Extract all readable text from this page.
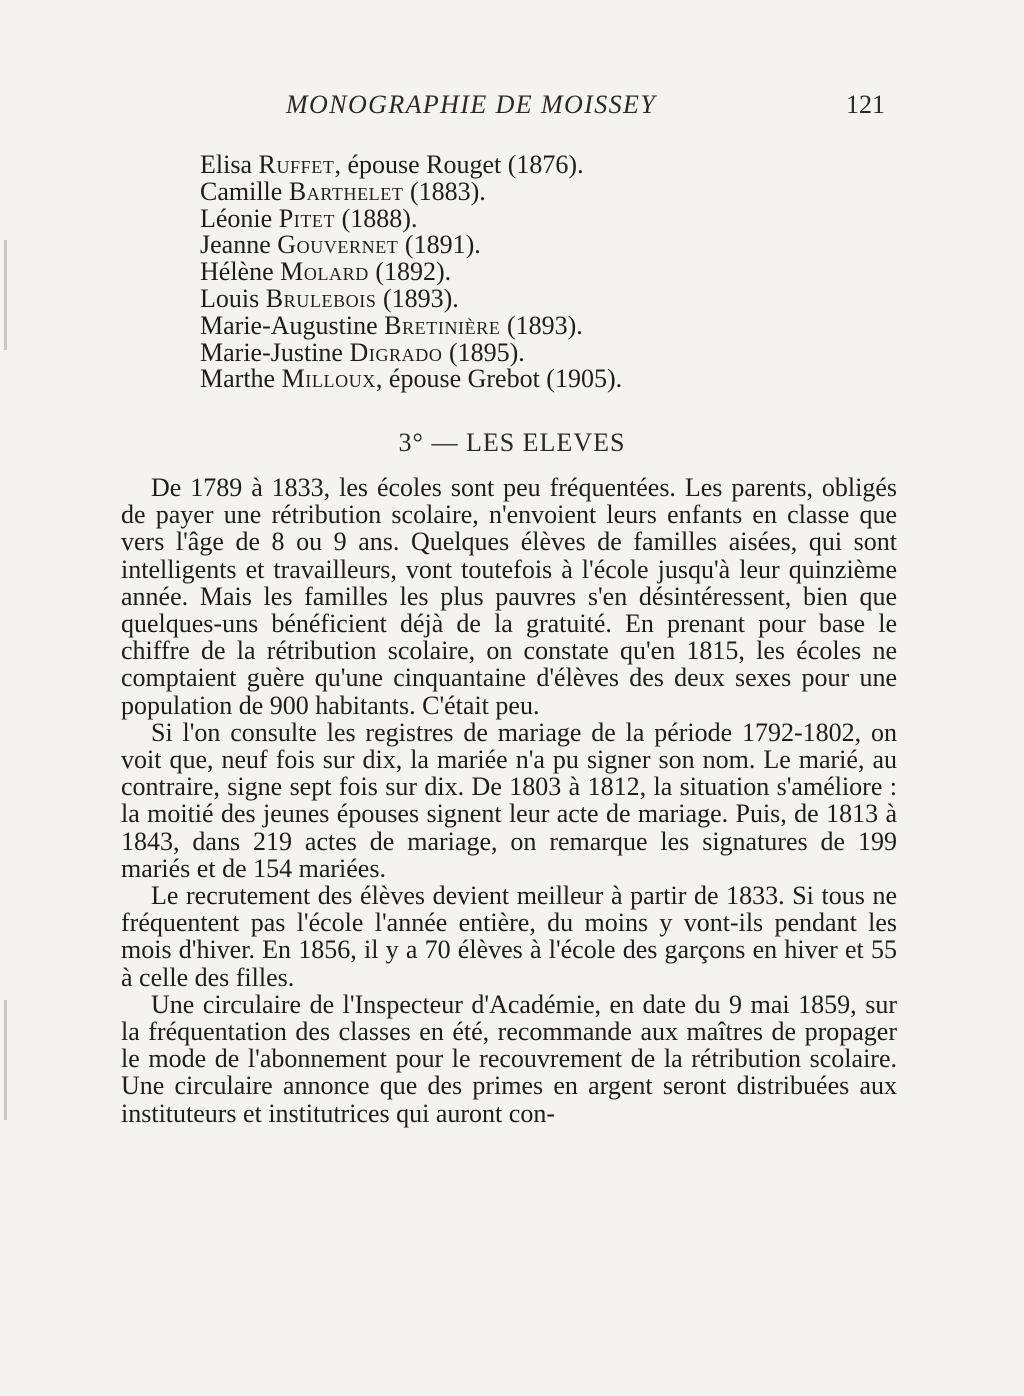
MONOGRAPHIE DE MOISSEY	121
Elisa Ruffet, épouse Rouget (1876).
Camille Barthelet (1883).
Léonie Pitet (1888).
Jeanne Gouvernet (1891).
Hélène Molard (1892).
Louis Brulebois (1893).
Marie-Augustine Bretinière (1893).
Marie-Justine Digrado (1895).
Marthe Milloux, épouse Grebot (1905).
3° — LES ELEVES

De 1789 à 1833, les écoles sont peu fréquentées. Les parents, obligés de payer une rétribution scolaire, n'envoient leurs enfants en classe que vers l'âge de 8 ou 9 ans. Quelques élèves de familles aisées, qui sont intelligents et travailleurs, vont toutefois à l'école jusqu'à leur quinzième année. Mais les familles les plus pauvres s'en désintéressent, bien que quelques-uns bénéficient déjà de la gratuité. En prenant pour base le chiffre de la rétribution scolaire, on constate qu'en 1815, les écoles ne comptaient guère qu'une cinquantaine d'élèves des deux sexes pour une population de 900 habitants. C'était peu.

Si l'on consulte les registres de mariage de la période 1792-1802, on voit que, neuf fois sur dix, la mariée n'a pu signer son nom. Le marié, au contraire, signe sept fois sur dix. De 1803 à 1812, la situation s'améliore : la moitié des jeunes épouses signent leur acte de mariage. Puis, de 1813 à 1843, dans 219 actes de mariage, on remarque les signatures de 199 mariés et de 154 mariées.

Le recrutement des élèves devient meilleur à partir de 1833. Si tous ne fréquentent pas l'école l'année entière, du moins y vont-ils pendant les mois d'hiver. En 1856, il y a 70 élèves à l'école des garçons en hiver et 55 à celle des filles.

Une circulaire de l'Inspecteur d'Académie, en date du 9 mai 1859, sur la fréquentation des classes en été, recommande aux maîtres de propager le mode de l'abonnement pour le recouvrement de la rétribution scolaire. Une circulaire annonce que des primes en argent seront distribuées aux instituteurs et institutrices qui auront con-
